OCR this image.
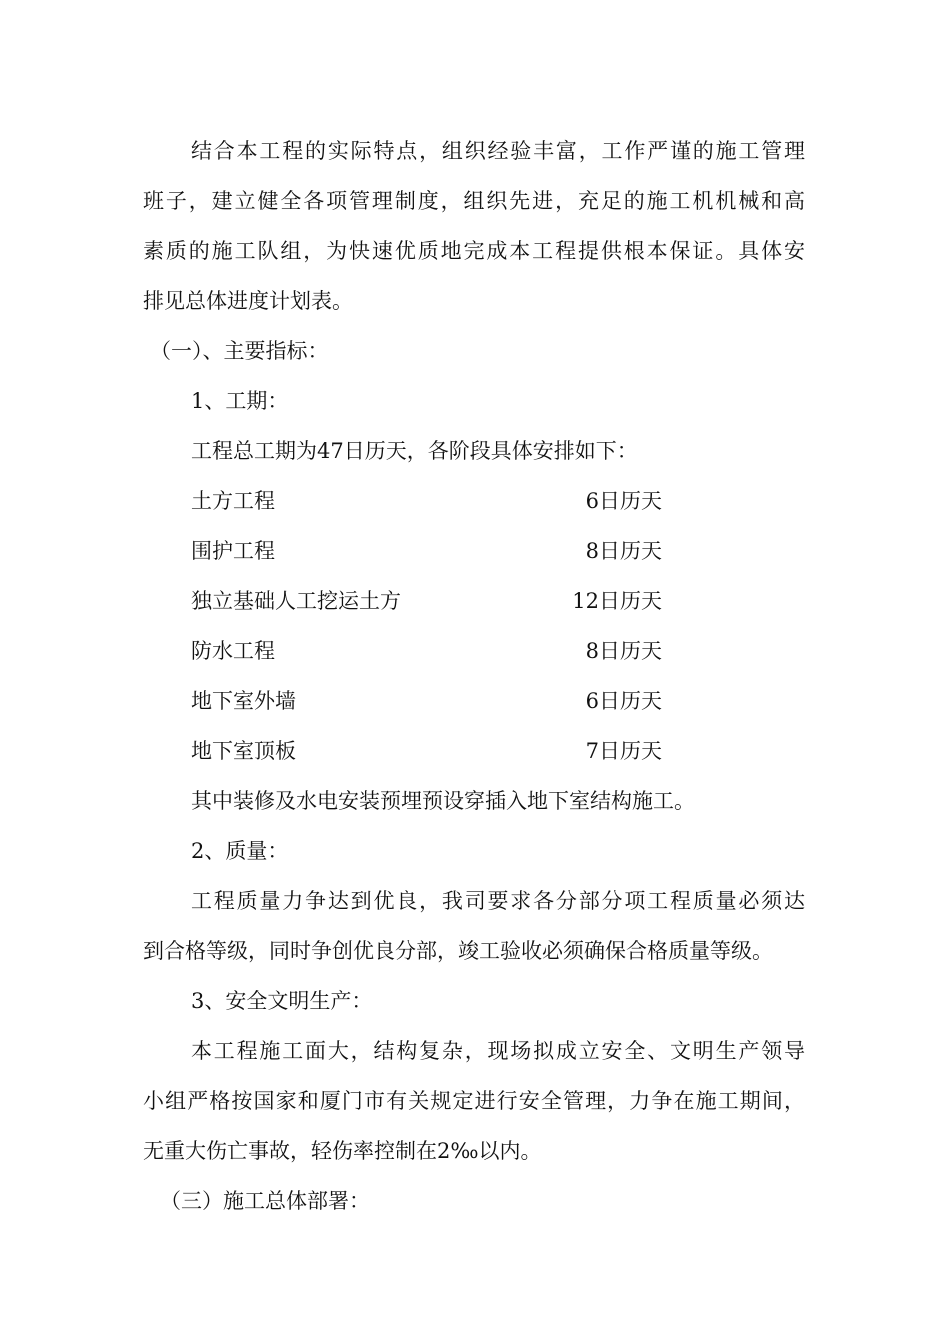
结合本工程的实际特点，组织经验丰富，工作严谨的施工管理
班子，建立健全各项管理制度，组织先进，充足的施工机机械和高
素质的施工队组，为快速优质地完成本工程提供根本保证。具体安
排见总体进度计划表。
（一）、主要指标：
1、工期：
工程总工期为47日历天，各阶段具体安排如下：
土方工程	6日历天
围护工程	8日历天
独立基础人工挖运土方	12日历天
防水工程	8日历天
地下室外墙	6日历天
地下室顶板	7日历天
其中装修及水电安装预埋预设穿插入地下室结构施工。
2、质量：
工程质量力争达到优良，我司要求各分部分项工程质量必须达
到合格等级，同时争创优良分部，竣工验收必须确保合格质量等级。
3、安全文明生产：
本工程施工面大，结构复杂，现场拟成立安全、文明生产领导
小组严格按国家和厦门市有关规定进行安全管理，力争在施工期间，
无重大伤亡事故，轻伤率控制在2‰以内。
（三）施工总体部署：
